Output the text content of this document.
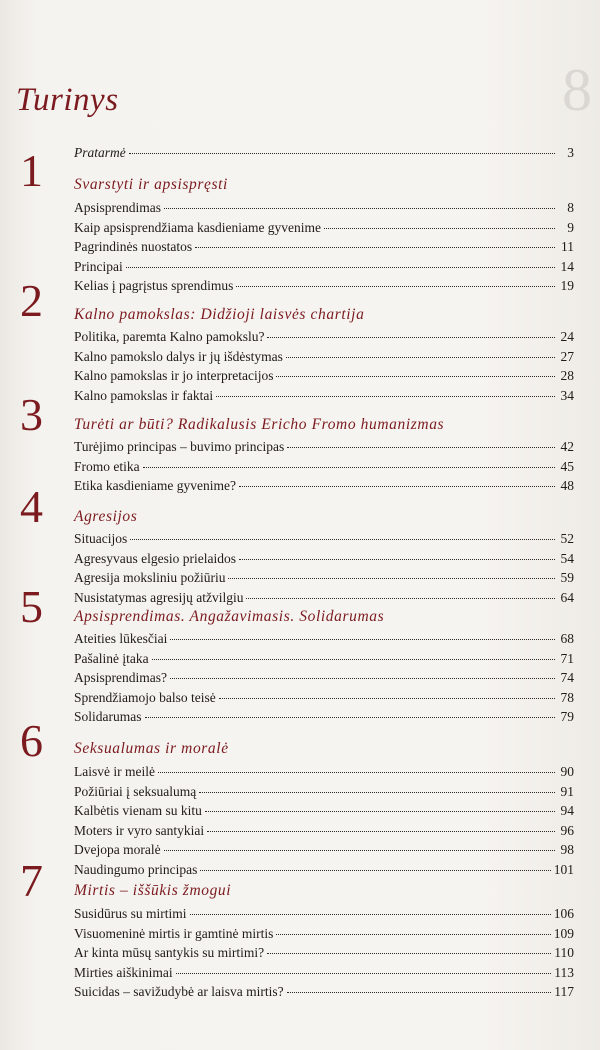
8
Turinys
Pratarmė	3
1 Svarstyti ir apsispręsti
Apsisprendimas	8
Kaip apsisprendžiama kasdieniame gyvenime	9
Pagrindinės nuostatos	11
Principai	14
Kelias į pagrįstus sprendimus	19
2 Kalno pamokslas: Didžioji laisvės chartija
Politika, paremta Kalno pamokslu?	24
Kalno pamokslo dalys ir jų išdėstymas	27
Kalno pamokslas ir jo interpretacijos	28
Kalno pamokslas ir faktai	34
3 Turėti ar būti? Radikalusis Ericho Fromo humanizmas
Turėjimo principas – buvimo principas	42
Fromo etika	45
Etika kasdieniame gyvenime?	48
4 Agresijos
Situacijos	52
Agresyvaus elgesio prielaidos	54
Agresija moksliniu požiūriu	59
Nusistatymas agresijų atžvilgiu	64
5 Apsisprendimas. Angažavimasis. Solidarumas
Ateities lūkesčiai	68
Pašalinė įtaka	71
Apsisprendimas?	74
Sprendžiamojo balso teisė	78
Solidarumas	79
6 Seksualumas ir moralė
Laisvė ir meilė	90
Požiūriai į seksualumą	91
Kalbėtis vienam su kitu	94
Moters ir vyro santykiai	96
Dvejopa moralė	98
Naudingumo principas	101
7 Mirtis – iššūkis žmogui
Susidūrus su mirtimi	106
Visuomeninė mirtis ir gamtinė mirtis	109
Ar kinta mūsų santykis su mirtimi?	110
Mirties aiškinimai	113
Suicidas – savižudybė ar laisva mirtis?	117
